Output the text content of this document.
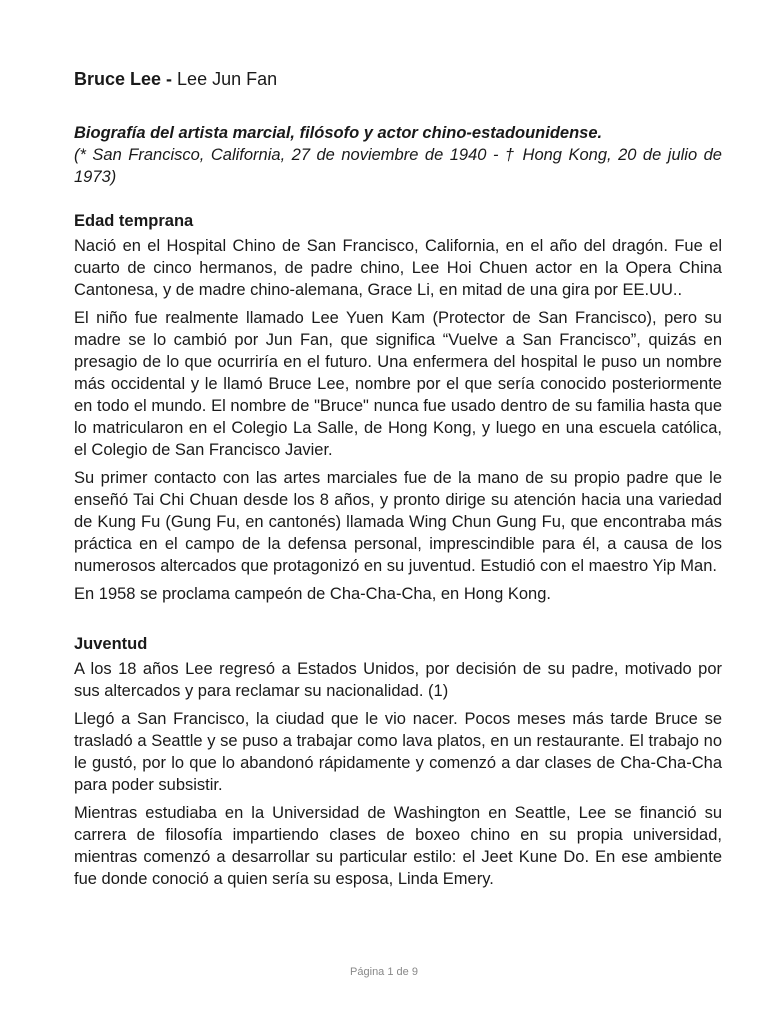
Bruce Lee - Lee Jun Fan

Biografía del artista marcial, filósofo y actor chino-estadounidense.

(* San Francisco, California, 27 de noviembre de 1940 - † Hong Kong, 20 de julio de 1973)

Edad temprana

Nació en el Hospital Chino de San Francisco, California, en el año del dragón. Fue el cuarto de cinco hermanos, de padre chino, Lee Hoi Chuen actor en la Opera China Cantonesa, y de madre chino-alemana, Grace Li, en mitad de una gira por EE.UU..

El niño fue realmente llamado Lee Yuen Kam (Protector de San Francisco), pero su madre se lo cambió por Jun Fan, que significa “Vuelve a San Francisco”, quizás en presagio de lo que ocurriría en el futuro. Una enfermera del hospital le puso un nombre más occidental y le llamó Bruce Lee, nombre por el que sería conocido posteriormente en todo el mundo. El nombre de "Bruce" nunca fue usado dentro de su familia hasta que lo matricularon en el Colegio La Salle, de Hong Kong, y luego en una escuela católica, el Colegio de San Francisco Javier.

Su primer contacto con las artes marciales fue de la mano de su propio padre que le enseñó Tai Chi Chuan desde los 8 años, y pronto dirige su atención hacia una variedad de Kung Fu (Gung Fu, en cantonés) llamada Wing Chun Gung Fu, que encontraba más práctica en el campo de la defensa personal, imprescindible para él, a causa de los numerosos altercados que protagonizó en su juventud. Estudió con el maestro Yip Man.

En 1958 se proclama campeón de Cha-Cha-Cha, en Hong Kong.

Juventud

A los 18 años Lee regresó a Estados Unidos, por decisión de su padre, motivado por sus altercados y para reclamar su nacionalidad. (1)

Llegó a San Francisco, la ciudad que le vio nacer. Pocos meses más tarde Bruce se trasladó a Seattle y se puso a trabajar como lava platos, en un restaurante. El trabajo no le gustó, por lo que lo abandonó rápidamente y comenzó a dar clases de Cha-Cha-Cha para poder subsistir.

Mientras estudiaba en la Universidad de Washington en Seattle, Lee se financió su carrera de filosofía impartiendo clases de boxeo chino en su propia universidad, mientras comenzó a desarrollar su particular estilo: el Jeet Kune Do. En ese ambiente fue donde conoció a quien sería su esposa, Linda Emery.

Página 1 de 9
